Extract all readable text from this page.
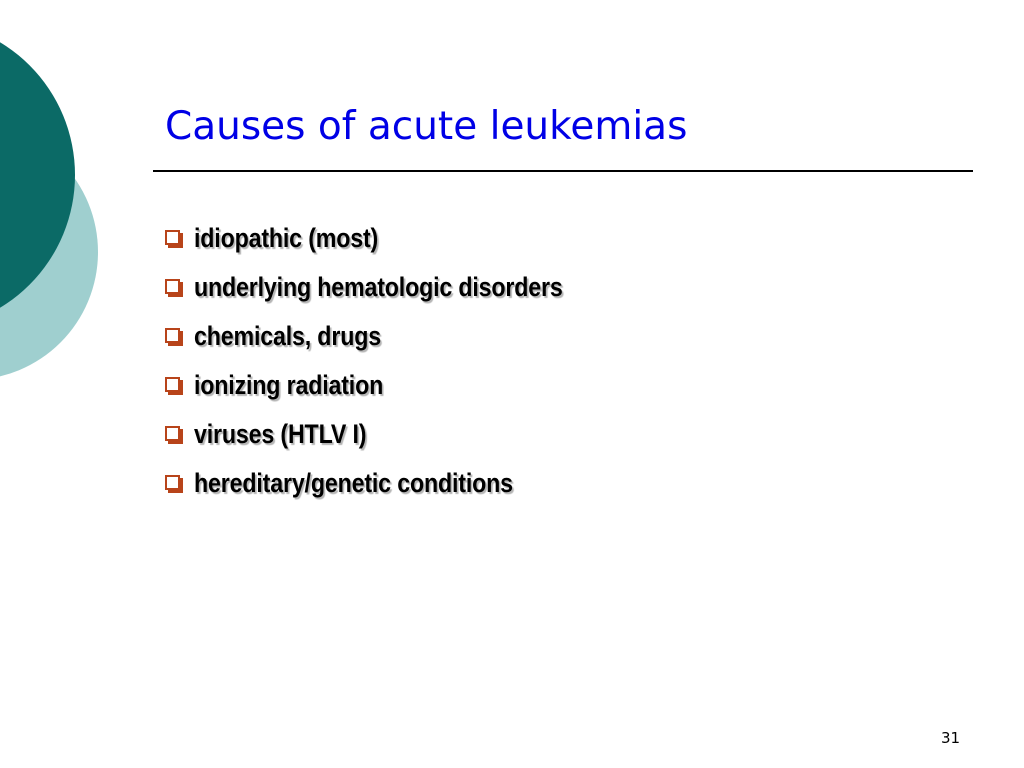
Causes of acute leukemias
idiopathic (most)
underlying hematologic disorders
chemicals, drugs
ionizing radiation
viruses (HTLV I)
hereditary/genetic conditions
31
